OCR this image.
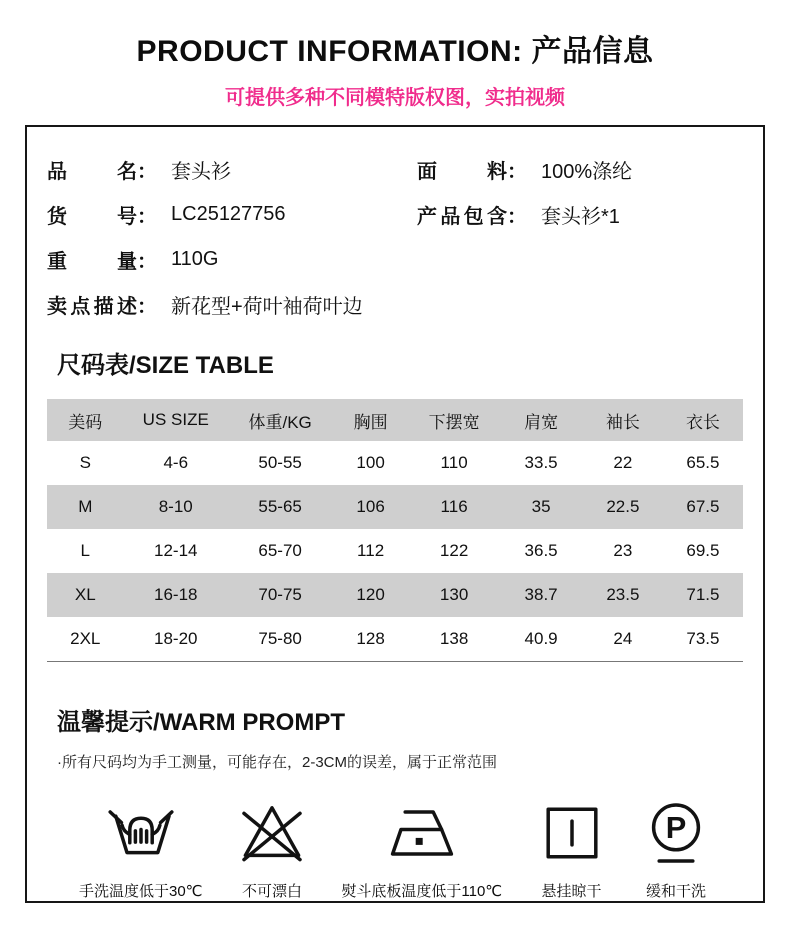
PRODUCT INFORMATION: 产品信息
可提供多种不同模特版权图，实拍视频
品名 ： 套头衫	面料 ： 100%涤纶
货号 ： LC25127756	产品包含 ： 套头衫*1
重量 ： 110G
卖点描述 ： 新花型+荷叶袖荷叶边
尺码表/SIZE TABLE
美码	US SIZE	体重/KG	胸围	下摆宽	肩宽	袖长	衣长
S	4-6	50-55	100	110	33.5	22	65.5
M	8-10	55-65	106	116	35	22.5	67.5
L	12-14	65-70	112	122	36.5	23	69.5
XL	16-18	70-75	120	130	38.7	23.5	71.5
2XL	18-20	75-80	128	138	40.9	24	73.5
温馨提示/WARM PROMPT
·所有尺码均为手工测量，可能存在，2-3CM的误差，属于正常范围
手洗温度低于30℃	不可漂白	熨斗底板温度低于110℃	悬挂晾干
P
缓和干洗
